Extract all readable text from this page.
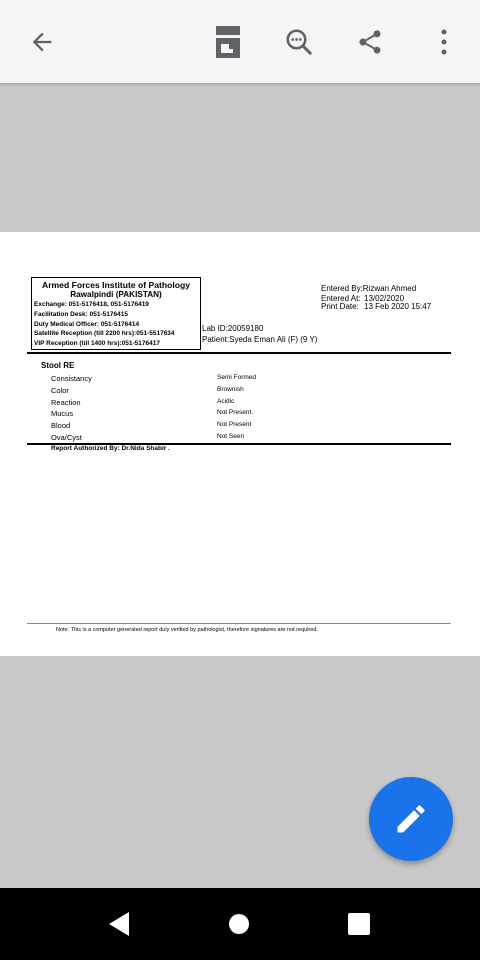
Armed Forces Institute of Pathology
Rawalpindi (PAKISTAN)
Exchange: 051-5176418, 051-5176419
Facilitation Desk: 051-5176415
Duty Medical Officer: 051-5176414
Satellite Reception (till 2200 hrs):051-5517634
VIP Reception (till 1400 hrs):051-5176417
Entered By:Rizwan Ahmed
Entered At: 13/02/2020
Print Date: 13 Feb 2020 15:47
Lab ID:20059180
Patient:Syeda Eman Ali (F) (9 Y)
Stool RE
Consistancy	Semi Formed
Color	Brownish
Reaction	Acidic
Mucus	Not Present.
Blood	Not Present
Ova/Cyst	Not Seen
Report Authorized By: Dr.Nida Shabir .
Note: This is a computer generated report duly verified by pathologist, therefore signatures are not required.
